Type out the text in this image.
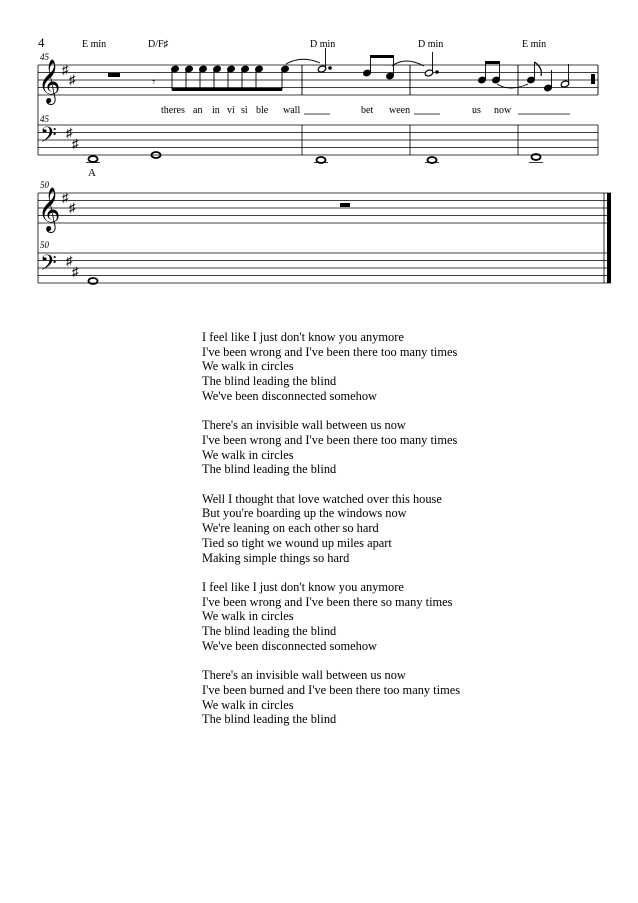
4	E min	D/F♯	D min	D min	E min
45
𝄞 ♯
♯	𝄾
theres an in vi si ble wall	bet ween	us now
45
𝄢 ♯
♯
A
50
𝄞 ♯
♯
50
𝄢 ♯
♯
I feel like I just don't know you anymore
I've been wrong and I've been there too many times
We walk in circles
The blind leading the blind
We've been disconnected somehow
There's an invisible wall between us now
I've been wrong and I've been there too many times
We walk in circles
The blind leading the blind
Well I thought that love watched over this house
But you're boarding up the windows now
We're leaning on each other so hard
Tied so tight we wound up miles apart
Making simple things so hard
I feel like I just don't know you anymore
I've been wrong and I've been there so many times
We walk in circles
The blind leading the blind
We've been disconnected somehow
There's an invisible wall between us now
I've been burned and I've been there too many times
We walk in circles
The blind leading the blind
